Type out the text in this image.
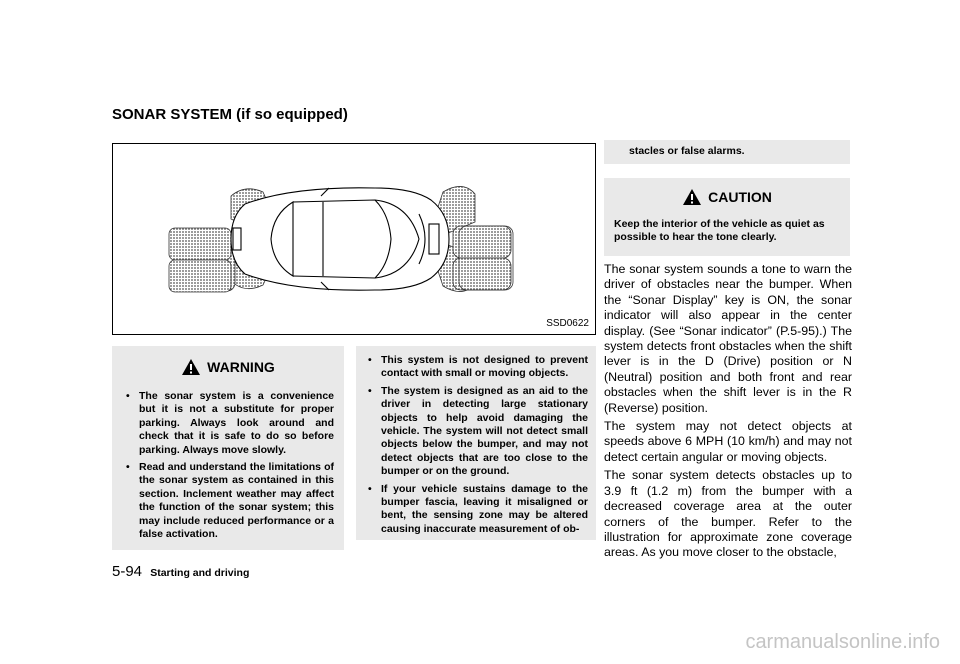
SONAR SYSTEM (if so equipped)
SSD0622
WARNING
• The sonar system is a convenience but it is not a substitute for proper parking. Always look around and check that it is safe to do so before parking. Always move slowly.
• Read and understand the limitations of the sonar system as contained in this section. Inclement weather may affect the function of the sonar system; this may include reduced performance or a false activation.
• This system is not designed to prevent contact with small or moving objects.
• The system is designed as an aid to the driver in detecting large stationary objects to help avoid damaging the vehicle. The system will not detect small objects below the bumper, and may not detect objects that are too close to the bumper or on the ground.
• If your vehicle sustains damage to the bumper fascia, leaving it misaligned or bent, the sensing zone may be altered causing inaccurate measurement of ob-
stacles or false alarms.
CAUTION
Keep the interior of the vehicle as quiet as possible to hear the tone clearly.

The sonar system sounds a tone to warn the driver of obstacles near the bumper. When the “Sonar Display” key is ON, the sonar indicator will also appear in the center display. (See “Sonar indicator” (P.5-95).) The system detects front obstacles when the shift lever is in the D (Drive) position or N (Neutral) position and both front and rear obstacles when the shift lever is in the R (Reverse) position.

The system may not detect objects at speeds above 6 MPH (10 km/h) and may not detect certain angular or moving objects.

The sonar system detects obstacles up to 3.9 ft (1.2 m) from the bumper with a decreased coverage area at the outer corners of the bumper. Refer to the illustration for approximate zone coverage areas. As you move closer to the obstacle,

5-94 Starting and driving
carmanualsonline.info
